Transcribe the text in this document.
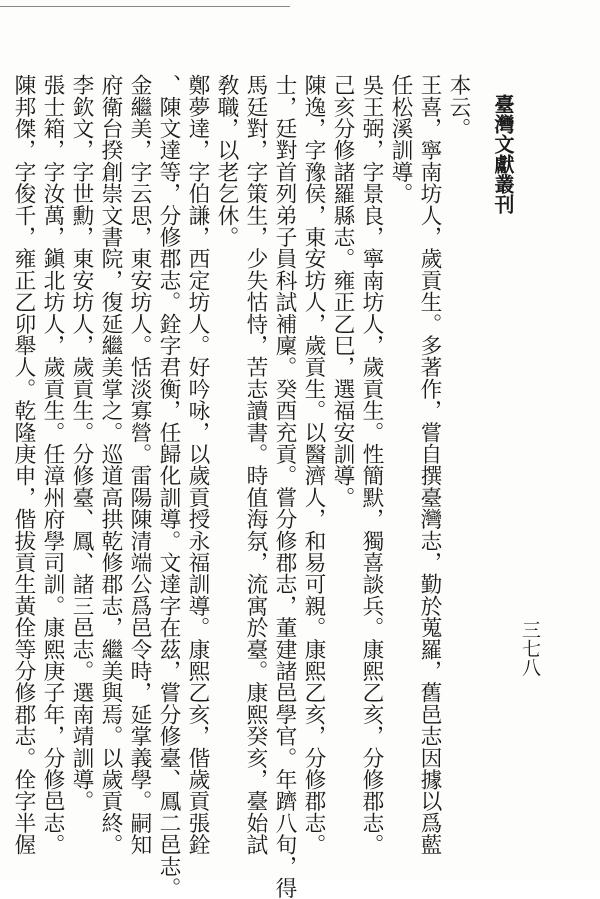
臺灣文獻叢刊
三七八
本云。
王喜，寧南坊人，歲貢生。多著作，嘗自撰臺灣志，勤於蒐羅，舊邑志因據以爲藍
任松溪訓導。
吳王弼，字景良，寧南坊人，歲貢生。性簡默，獨喜談兵。康熙乙亥，分修郡志。
己亥分修諸羅縣志。雍正乙巳，選福安訓導。
陳逸，字豫侯，東安坊人，歲貢生。以醫濟人，和易可親。康熙乙亥，分修郡志。
士，廷對首列弟子員科試補廩。癸酉充貢。嘗分修郡志，董建諸邑學官。年躋八旬，得
馬廷對，字策生，少失怙恃，苦志讀書。時值海氛，流寓於臺。康熙癸亥，臺始試
敎職，以老乞休。
鄭夢達，字伯謙，西定坊人。好吟咏，以歲貢授永福訓導。康熙乙亥，偕歲貢張銓
、陳文達等，分修郡志。銓字君衡，任歸化訓導。文達字在茲，嘗分修臺、鳳二邑志。
金繼美，字云思，東安坊人。恬淡寡營。雷陽陳清端公爲邑令時，延掌義學。嗣知
府衛台揆創崇文書院，復延繼美掌之。巡道高拱乾修郡志，繼美與焉。以歲貢終。
李欽文，字世勳，東安坊人，歲貢生。分修臺、鳳、諸三邑志。選南靖訓導。
張士箱，字汝萬，鎭北坊人，歲貢生。任漳州府學司訓。康熙庚子年，分修邑志。
陳邦傑，字俊千，雍正乙卯舉人。乾隆庚申，偕拔貢生黃佺等分修郡志。佺字半偓
